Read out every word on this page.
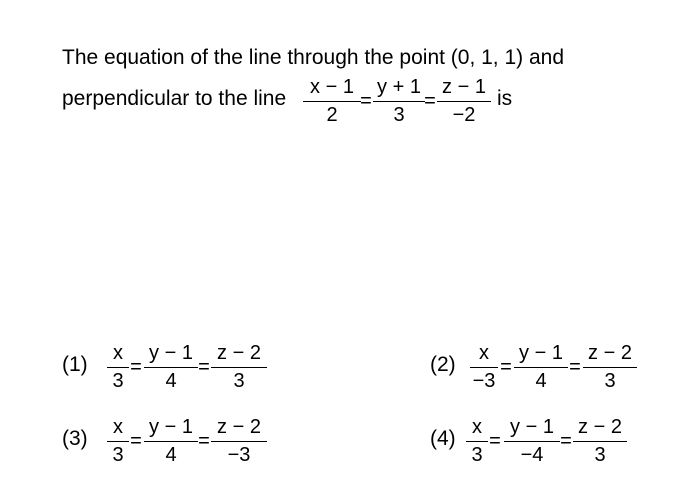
The equation of the line through the point (0, 1, 1) and
perpendicular to the line	x − 1
2
=
y + 1
3
=
z − 1
−2
is
(1)	x
3
=
y − 1
4
=
z − 2
3
(2)	x
−3
=
y − 1
4
=
z − 2
3
(3)	x
3
=
y − 1
4
=
z − 2
−3
(4) x
3
=
y − 1
−4
=
z − 2
3
